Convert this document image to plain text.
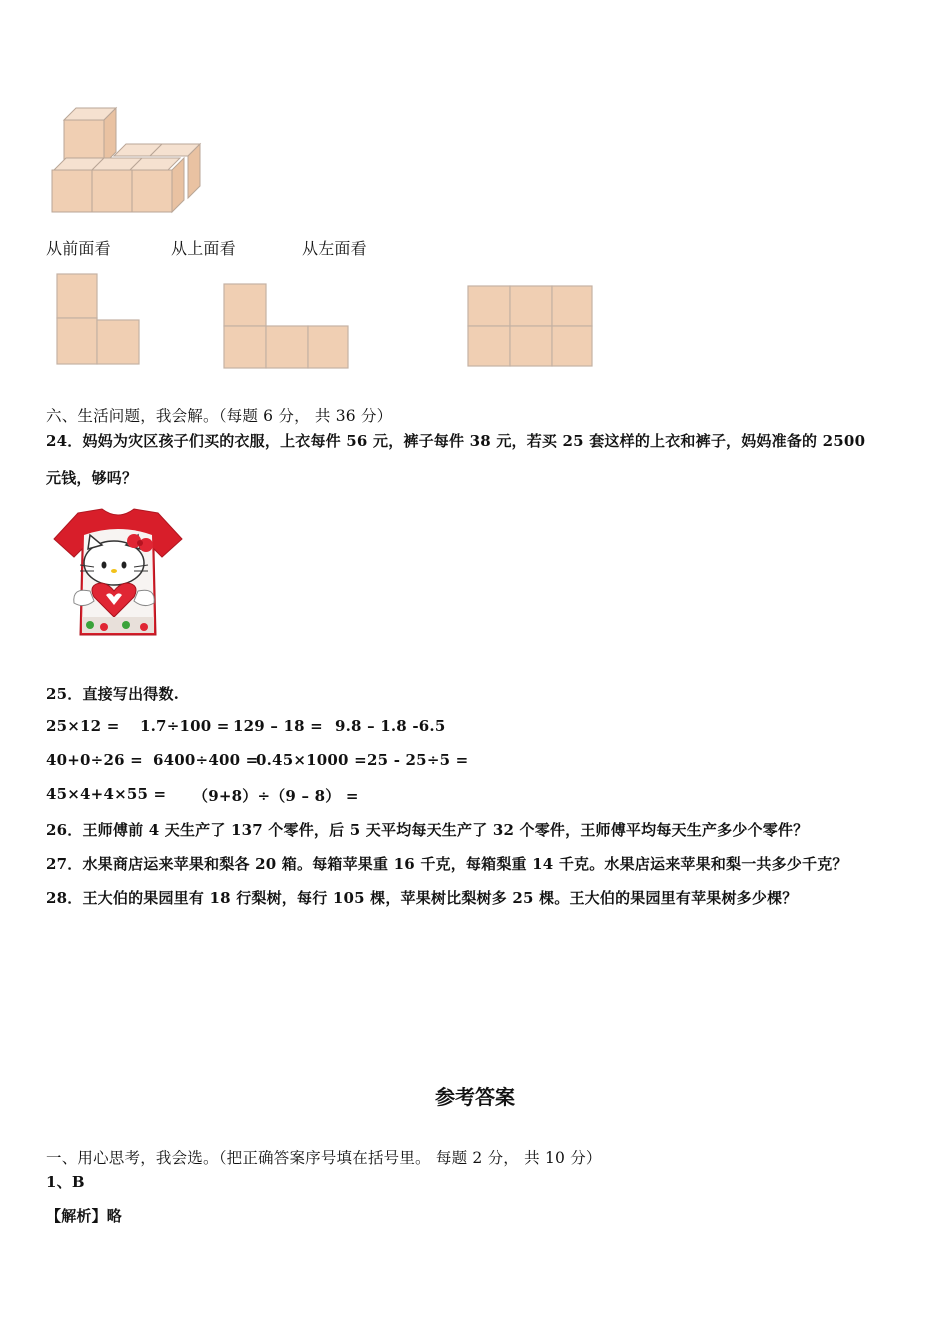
从前面看	从上面看	从左面看
六、生活问题，我会解。（每题 6 分， 共 36 分）
24．妈妈为灾区孩子们买的衣服，上衣每件 56 元，裤子每件 38 元，若买 25 套这样的上衣和裤子，妈妈准备的 2500
元钱，够吗？
25．直接写出得数.
25×12 = 1.7÷100 = 129 – 18 = 9.8 – 1.8 -6.5
40+0÷26 = 6400÷400 =
0.45×1000 = 25 - 25÷5 =
45×4+4×55 = （9+8）÷（9 – 8） =
26．王师傅前 4 天生产了 137 个零件，后 5 天平均每天生产了 32 个零件，王师傅平均每天生产多少个零件？
27．水果商店运来苹果和梨各 20 箱。每箱苹果重 16 千克，每箱梨重 14 千克。水果店运来苹果和梨一共多少千克？
28．王大伯的果园里有 18 行梨树，每行 105 棵，苹果树比梨树多 25 棵。王大伯的果园里有苹果树多少棵？
参考答案
一、用心思考，我会选。（把正确答案序号填在括号里。 每题 2 分， 共 10 分）
1、B
【解析】略
